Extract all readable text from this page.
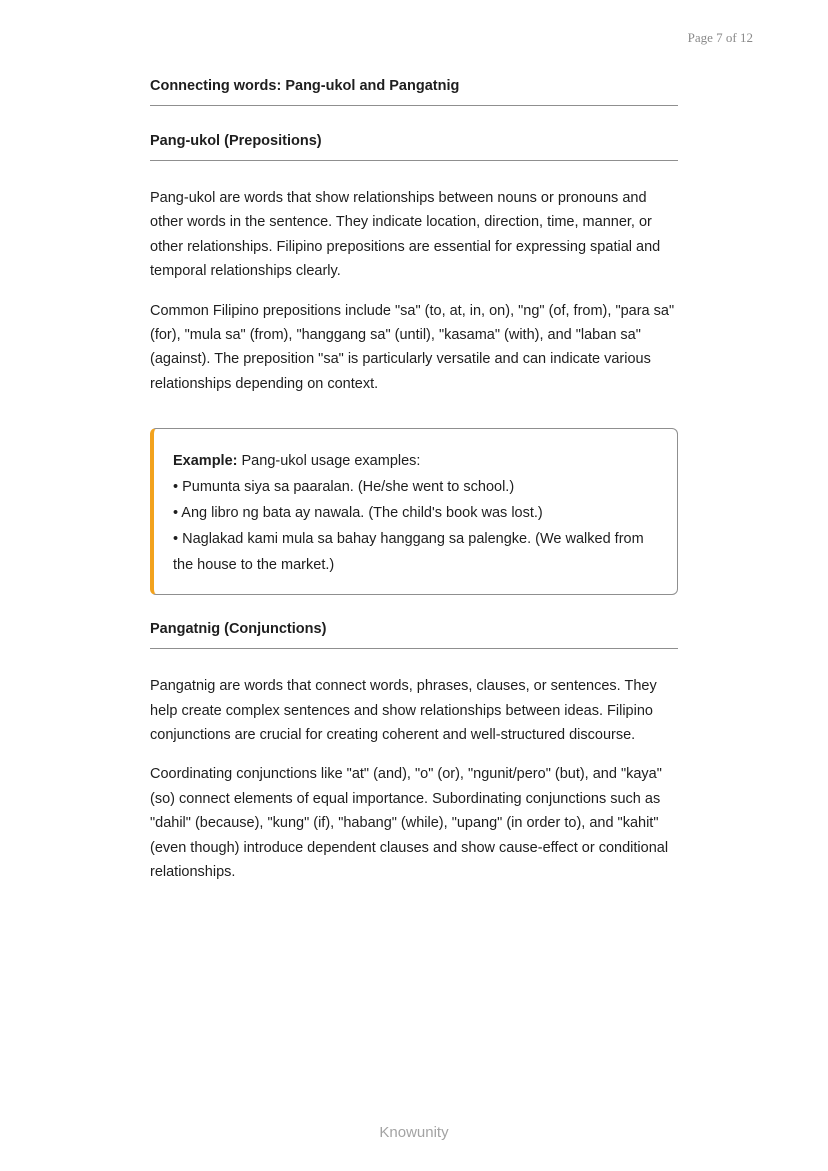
Page 7 of 12
Connecting words: Pang-ukol and Pangatnig
Pang-ukol (Prepositions)

Pang-ukol are words that show relationships between nouns or pronouns and other words in the sentence. They indicate location, direction, time, manner, or other relationships. Filipino prepositions are essential for expressing spatial and temporal relationships clearly.

Common Filipino prepositions include "sa" (to, at, in, on), "ng" (of, from), "para sa" (for), "mula sa" (from), "hanggang sa" (until), "kasama" (with), and "laban sa" (against). The preposition "sa" is particularly versatile and can indicate various relationships depending on context.

Example: Pang-ukol usage examples:

• Pumunta siya sa paaralan. (He/she went to school.)

• Ang libro ng bata ay nawala. (The child's book was lost.)

• Naglakad kami mula sa bahay hanggang sa palengke. (We walked from the house to the market.)

Pangatnig (Conjunctions)

Pangatnig are words that connect words, phrases, clauses, or sentences. They help create complex sentences and show relationships between ideas. Filipino conjunctions are crucial for creating coherent and well-structured discourse.

Coordinating conjunctions like "at" (and), "o" (or), "ngunit/pero" (but), and "kaya" (so) connect elements of equal importance. Subordinating conjunctions such as "dahil" (because), "kung" (if), "habang" (while), "upang" (in order to), and "kahit" (even though) introduce dependent clauses and show cause-effect or conditional relationships.

Knowunity
